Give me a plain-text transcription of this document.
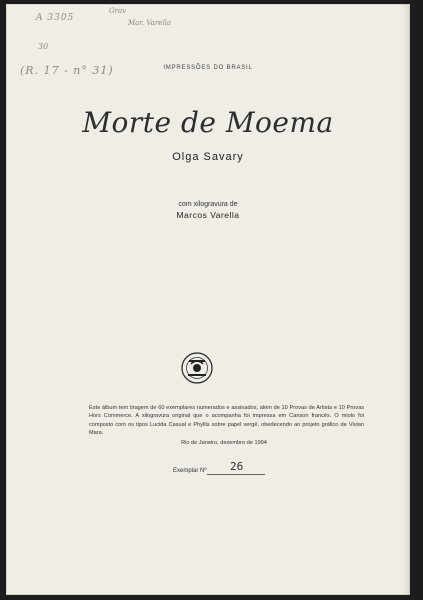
A 3305
Grav
Mar. Varella
30
(R. 17 - n° 31)	IMPRESSÕES DO BRASIL
Morte de Moema
Olga Savary
com xilogravura de
Marcos Varella
Este álbum tem tiragem de 60 exemplares numerados e assinados, além de 10 Provas de Artista e 10 Provas Hors Commerce. A xilogravura original que o acompanha foi impressa em Canson francês. O miolo foi composto com os tipos Lucida Casual e Phyllis sobre papel vergê, obedecendo ao projeto gráfico de Vivian Mara.
Rio de Janeiro, dezembro de 1994
Exemplar Nº 26
